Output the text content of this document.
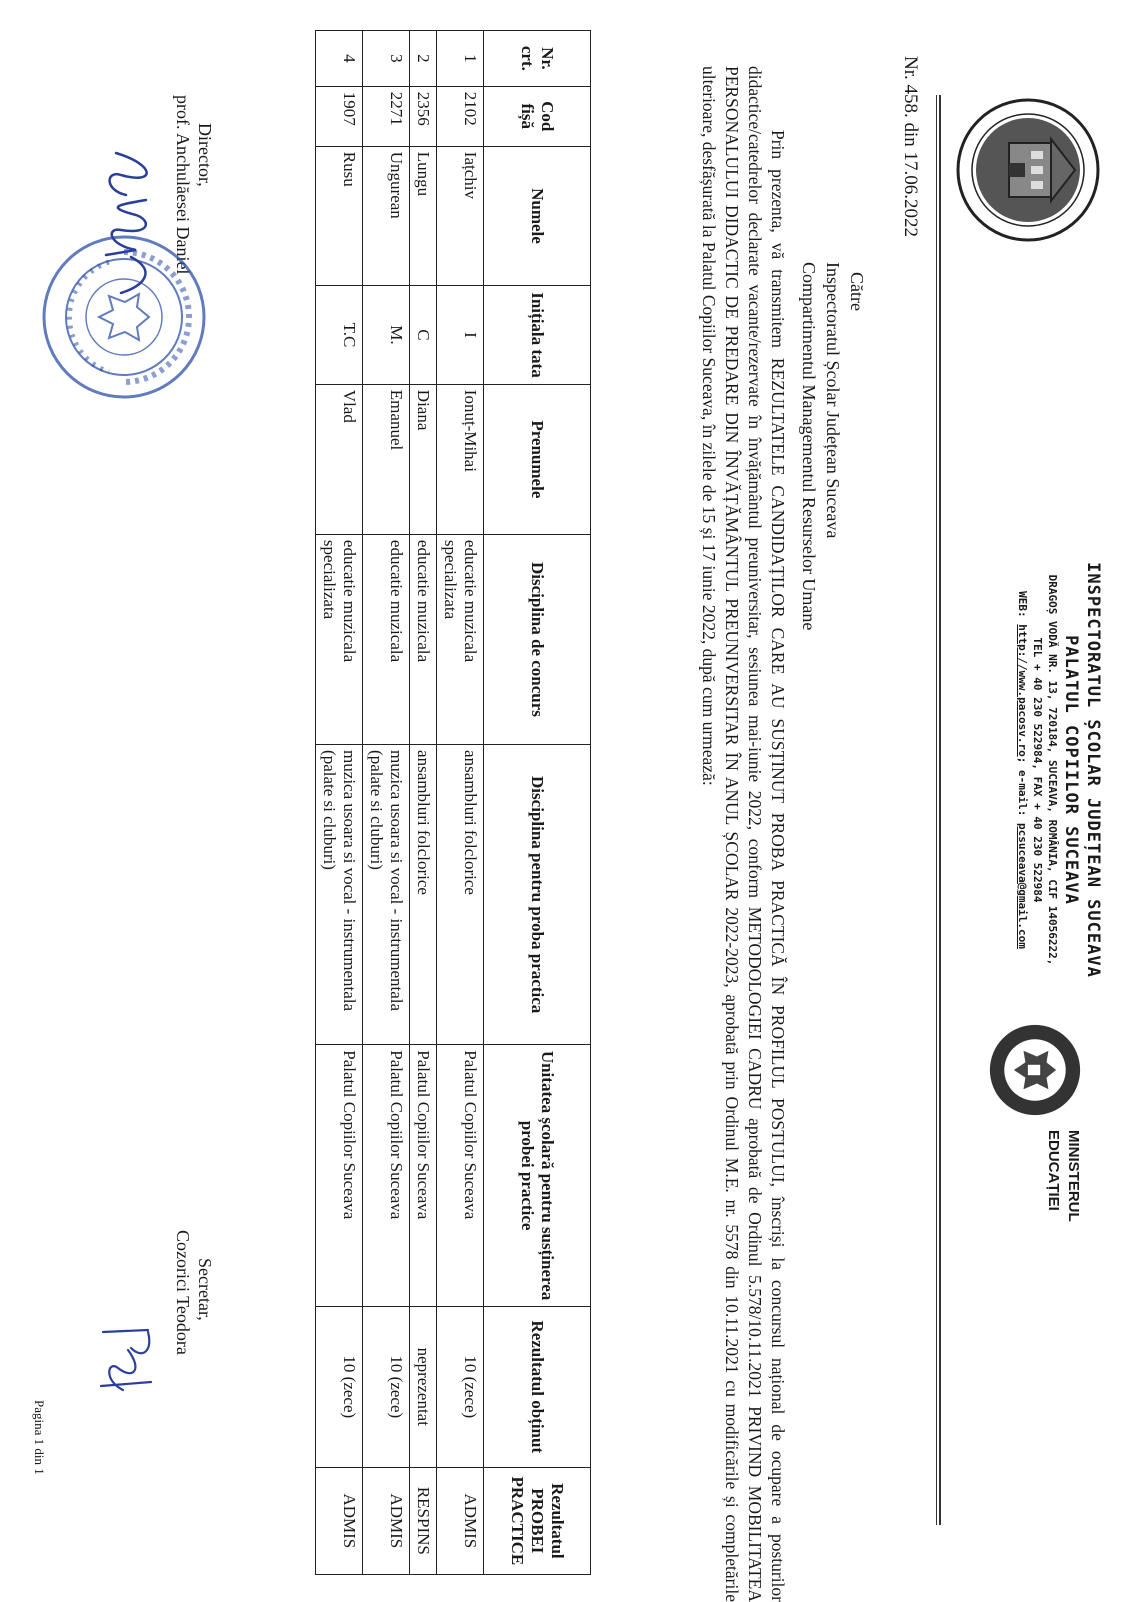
INSPECTORATUL ȘCOLAR JUDEȚEAN SUCEAVA
PALATUL COPIILOR SUCEAVA
DRAGOȘ VODĂ NR. 13, 720184, SUCEAVA, ROMÂNIA, CIF 14056222,
TEL + 40 230 522984, FAX + 40 230 522984
WEB: http://www.pacosv.ro; e-mail: pcsuceava@gmail.com
MINISTERUL
EDUCAȚIEI
Nr. 458. din 17.06.2022
Către
Inspectoratul Școlar Județean Suceava
Compartimentul Managementul Resurselor Umane

Prin prezenta, vă transmitem REZULTATELE CANDIDAȚILOR CARE AU SUSȚINUT PROBA PRACTICĂ ÎN PROFILUL POSTULUI, înscriși la concursul național de ocupare a posturilor didactice/catedrelor declarate vacante/rezervate în învățământul preuniversitar, sesiunea mai-iunie 2022, conform METODOLOGIEI CADRU aprobată de Ordinul 5.578/10.11.2021 PRIVIND MOBILITATEA PERSONALULUI DIDACTIC DE PREDARE DIN ÎNVĂȚĂMÂNTUL PREUNIVERSITAR ÎN ANUL ȘCOLAR 2022-2023, aprobată prin Ordinul M.E. nr. 5578 din 10.11.2021 cu modificările și completările ulterioare, desfășurată la Palatul Copiilor Suceava, în zilele de 15 și 17 iunie 2022, după cum urmează:

Nr. crt.	Cod fișă	Numele	Inițiala tata	Prenumele	Disciplina de concurs	Disciplina pentru proba practica	Unitatea școlară pentru susținerea probei practice	Rezultatul obținut	Rezultatul PROBEI PRACTICE
1	2102	Iațchiv	I	Ionuț-Mihai	educatie muzicala specializata	ansambluri folclorice	Palatul Copiilor Suceava	10 (zece)	ADMIS
2	2356	Lungu	C	Diana	educatie muzicala	ansambluri folclorice	Palatul Copiilor Suceava	neprezentat	RESPINS
3	2271	Ungurean	M.	Emanuel	educatie muzicala	muzica usoara si vocal - instrumentala (palate si cluburi)	Palatul Copiilor Suceava	10 (zece)	ADMIS
4	1907	Rusu	T.C	Vlad	educatie muzicala specializata	muzica usoara si vocal - instrumentala (palate si cluburi)	Palatul Copiilor Suceava	10 (zece)	ADMIS
Director,
prof. Anchulăesei Daniel
Secretar,
Cozorici Teodora
Pagina 1 din 1
